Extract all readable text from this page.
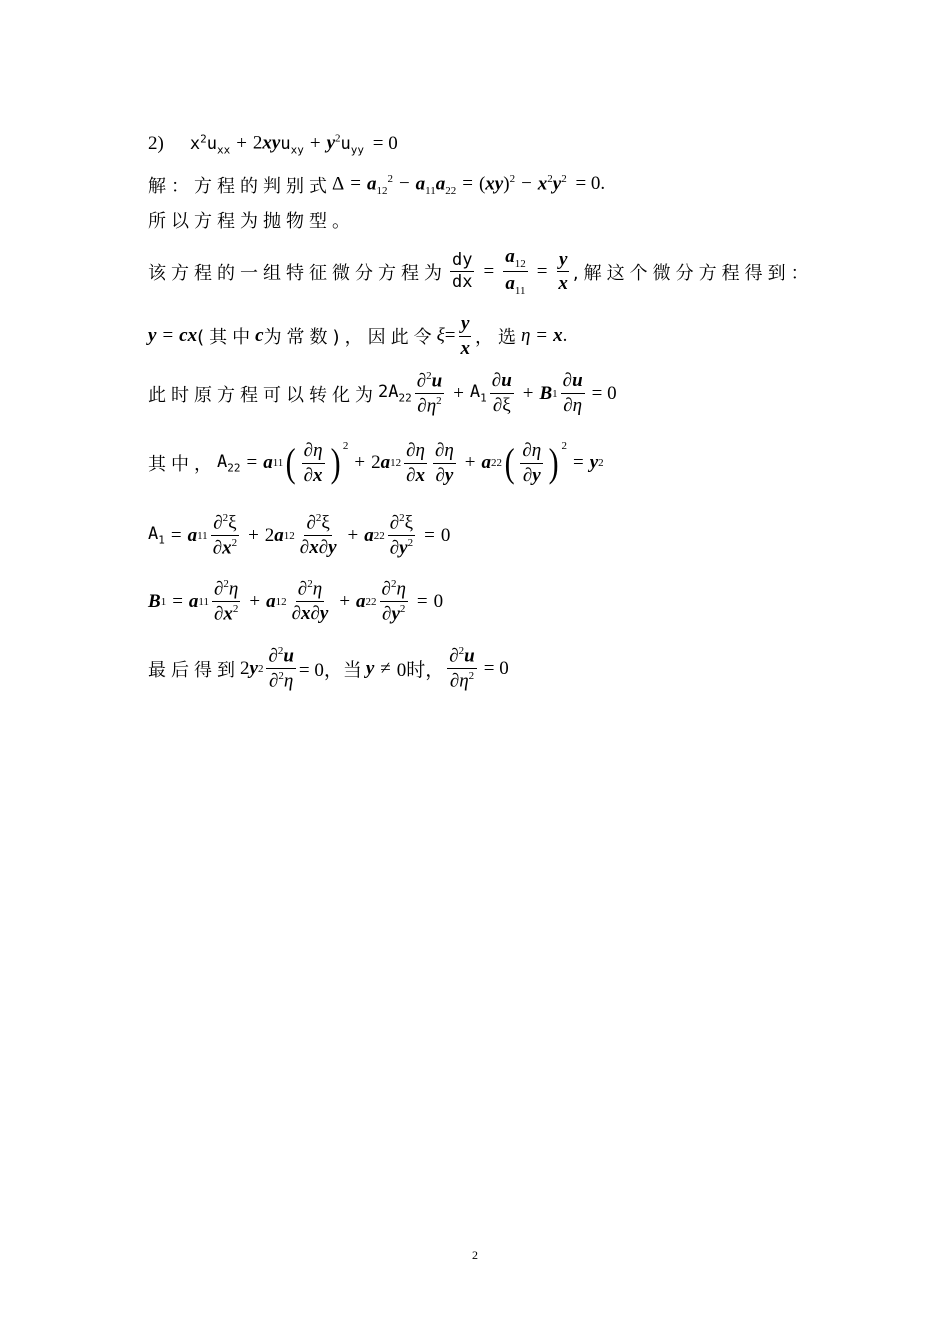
2) $x^2u_{xx} + 2xyu_{xy} + y^2u_{yy} = 0$
解： 方程的判别式 $\Delta = a_{12}^2 - a_{11}a_{22} = (xy)^2 - x^2y^2 = 0$.
所以方程为抛物型。
该方程的一组特征微分方程为 $\frac{dy}{dx} = \frac{a_{12}}{a_{11}} = \frac{y}{x}$ ,解这个微分方程得到：
y = cx (其中 c 为常数)，因此令 $\xi = \frac{y}{x}$ ，选 η = x .
此时原方程可以转化为 $2A_{22} \frac{\partial^2u}{\partial\eta^2} + A_1 \frac{\partial u}{\partial\xi} + B$ $1 \frac{\partial u}{\partial\eta} = 0$
其中， $A_{22} = a$ 11 ( $\frac{\partial\eta}{\partial x} )^2$
+ 2 a $12 \frac{\partial\eta}{\partial x} \frac{\partial\eta}{\partial y} + a$ 22 ( $\frac{\partial\eta}{\partial y} )^2$
= y 2
$A_1 = a$ $11 \frac{\partial^2\xi}{\partial x^2} + 2$ a $12 \frac{\partial^2\xi}{\partial x\partial y} + a$ $22 \frac{\partial^2\xi}{\partial y^2} = 0$
B 1 = a $11 \frac{\partial^2\eta}{\partial x^2} + a$ $12 \frac{\partial^2\eta}{\partial x\partial y} + a$ $22 \frac{\partial^2\eta}{\partial y^2} = 0$
最后得到 2 y $2 \frac{\partial^2u}{\partial^2\eta} = 0$，当 y ≠ 0时， $\frac{\partial^2u}{\partial\eta^2} = 0$
2
